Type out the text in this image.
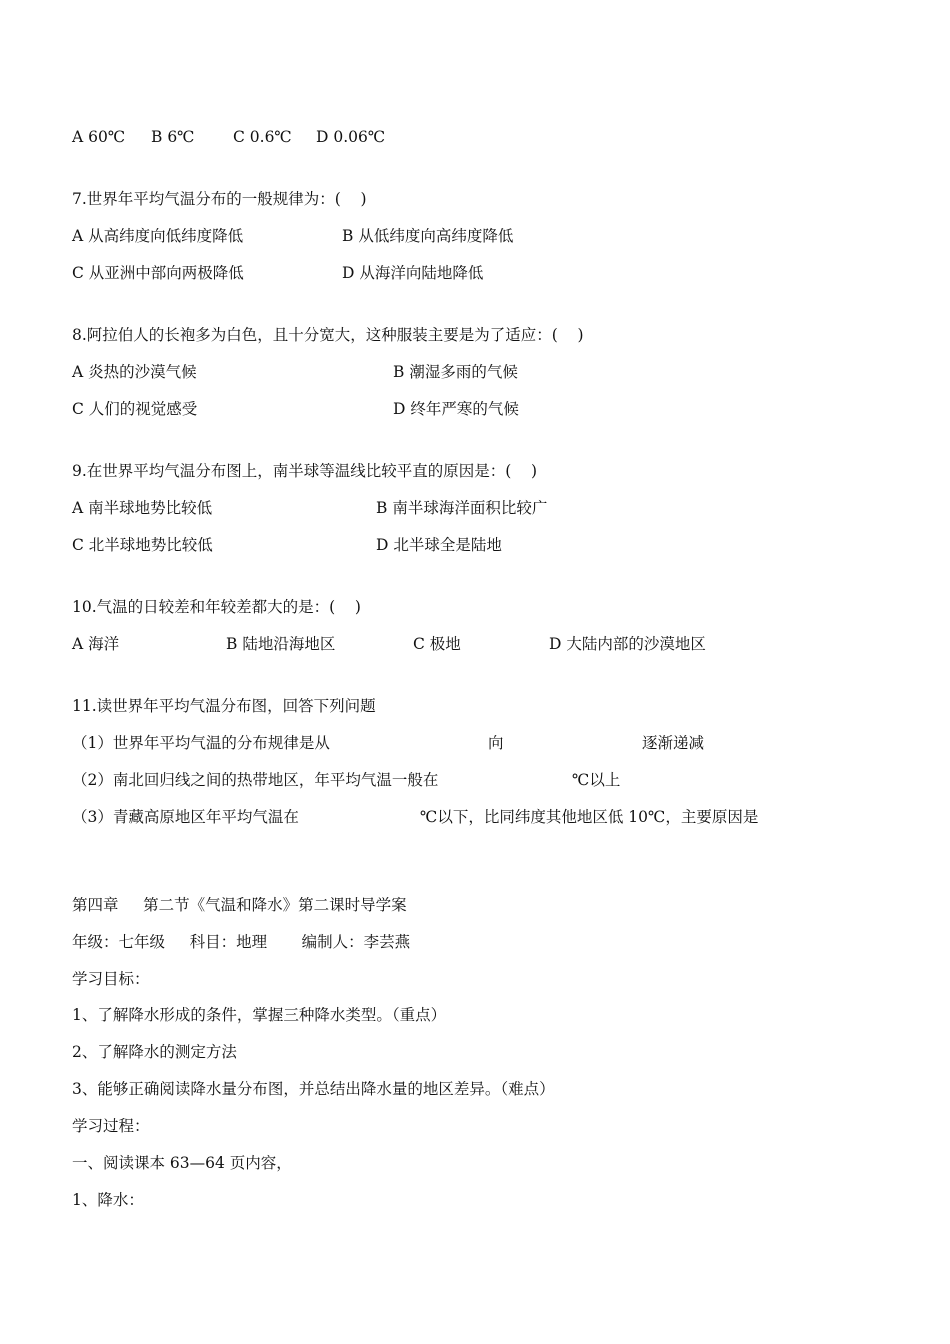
A 60℃ B 6℃ C 0.6℃ D 0.06℃
7.世界年平均气温分布的一般规律为：(    )
A 从高纬度向低纬度降低	B 从低纬度向高纬度降低
C 从亚洲中部向两极降低	D 从海洋向陆地降低
8.阿拉伯人的长袍多为白色，且十分宽大，这种服装主要是为了适应：(    )
A 炎热的沙漠气候	B 潮湿多雨的气候
C 人们的视觉感受	D 终年严寒的气候
9.在世界平均气温分布图上，南半球等温线比较平直的原因是：(    )
A 南半球地势比较低	B 南半球海洋面积比较广
C 北半球地势比较低	D 北半球全是陆地
10.气温的日较差和年较差都大的是：(    )
A 海洋	B 陆地沿海地区	C 极地	D 大陆内部的沙漠地区
11.读世界年平均气温分布图，回答下列问题
（1）世界年平均气温的分布规律是从	向	逐渐递减
（2）南北回归线之间的热带地区，年平均气温一般在	℃以上
（3）青藏高原地区年平均气温在	℃以下，比同纬度其他地区低 10℃，主要原因是
第四章     第二节《气温和降水》第二课时导学案
年级：七年级     科目：地理       编制人：李芸燕
学习目标：
1、了解降水形成的条件，掌握三种降水类型。（重点）
2、了解降水的测定方法
3、能够正确阅读降水量分布图，并总结出降水量的地区差异。（难点）
学习过程：
一、阅读课本 63—64 页内容，
1、降水：
